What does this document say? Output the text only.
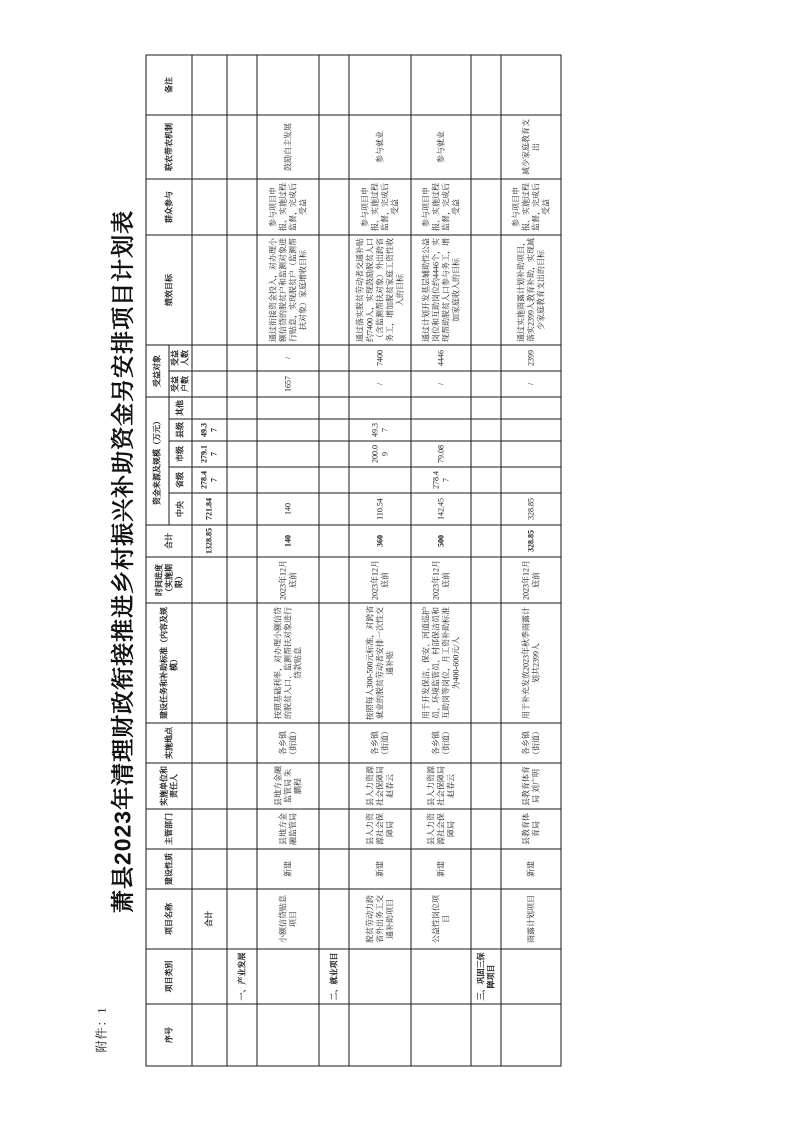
附件：1
萧县2023年清理财政衔接推进乡村振兴补助资金另安排项目计划表
序号	项目类别	项目名称	建设性质	主管部门	实施单位和责任人	实施地点	建设任务和补助标准（内容及规模）	时间进度（实施期限）	合计	资金来源及规模（万元）					受益对象		绩效目标	群众参与	联农带农机制	备注
										中央	省级	市级	县级	其他	受益户数	受益人数				
		合计							1328.85	721.84	278.47	279.17	49.37							
	一、产业发展																			
		小额信贷贴息项目	新建	县地方金融监管局	县地方金融监管局 朱鹏程	各乡镇（街道）	按照基础利率，对办理小额信贷的脱贫人口、监测帮扶对象进行贷款贴息	2023年12月底前	140	140					1657	/	通过衔接资金投入，对办理小额信贷的脱贫户和监测对象进行贴息，实现脱贫户（监测帮扶对象）家庭增收目标	参与项目申报、实施过程监督，完成后受益	鼓励自主发展	
	二、就业项目																			
		脱贫劳动力跨省外出务工交通补助项目	新建	县人力资源社会保障局	县人力资源社会保障局 赵春云	各乡镇（街道）	按照每人300-500元标准，对跨省就业的脱贫劳动者安排一次性交通补贴	2023年12月底前	360	110.54		200.09	49.37		/	7400	通过落实脱贫劳动者交通补贴约7400人，实现鼓励脱贫人口（含监测帮扶对象）外出跨省务工，增加脱贫家庭工资性收入的目标	参与项目申报、实施过程监督，完成后受益	参与就业	
		公益性岗位项目	新建	县人力资源社会保障局	县人力资源社会保障局 赵春云	各乡镇（街道）	用于开发保洁、保安、河道巡护员、环境监管员、村部保洁员和互助岗等岗位，月工资补助标准为400-600元/人	2023年12月底前	500	142.45	278.47	79.08			/	4446	通过计划开发基层辅助性公益岗位和互助岗位约4446个，实现帮助脱贫人口参与务工，增加家庭收入的目标	参与项目申报、实施过程监督，完成后受益	参与就业	
	三、巩固三保障项目																			
		雨露计划项目	新建	县教育体育局	县教育体育局 刘广明	各乡镇（街道）	用于补充发放2023年秋季雨露计划共2399人	2023年12月底前	328.85	328.85					/	2399	通过实施雨露计划补助项目，落实2399人教育补助，实现减少家庭教育支出的目标	参与项目申报、实施过程监督，完成后受益	减少家庭教育支出	
